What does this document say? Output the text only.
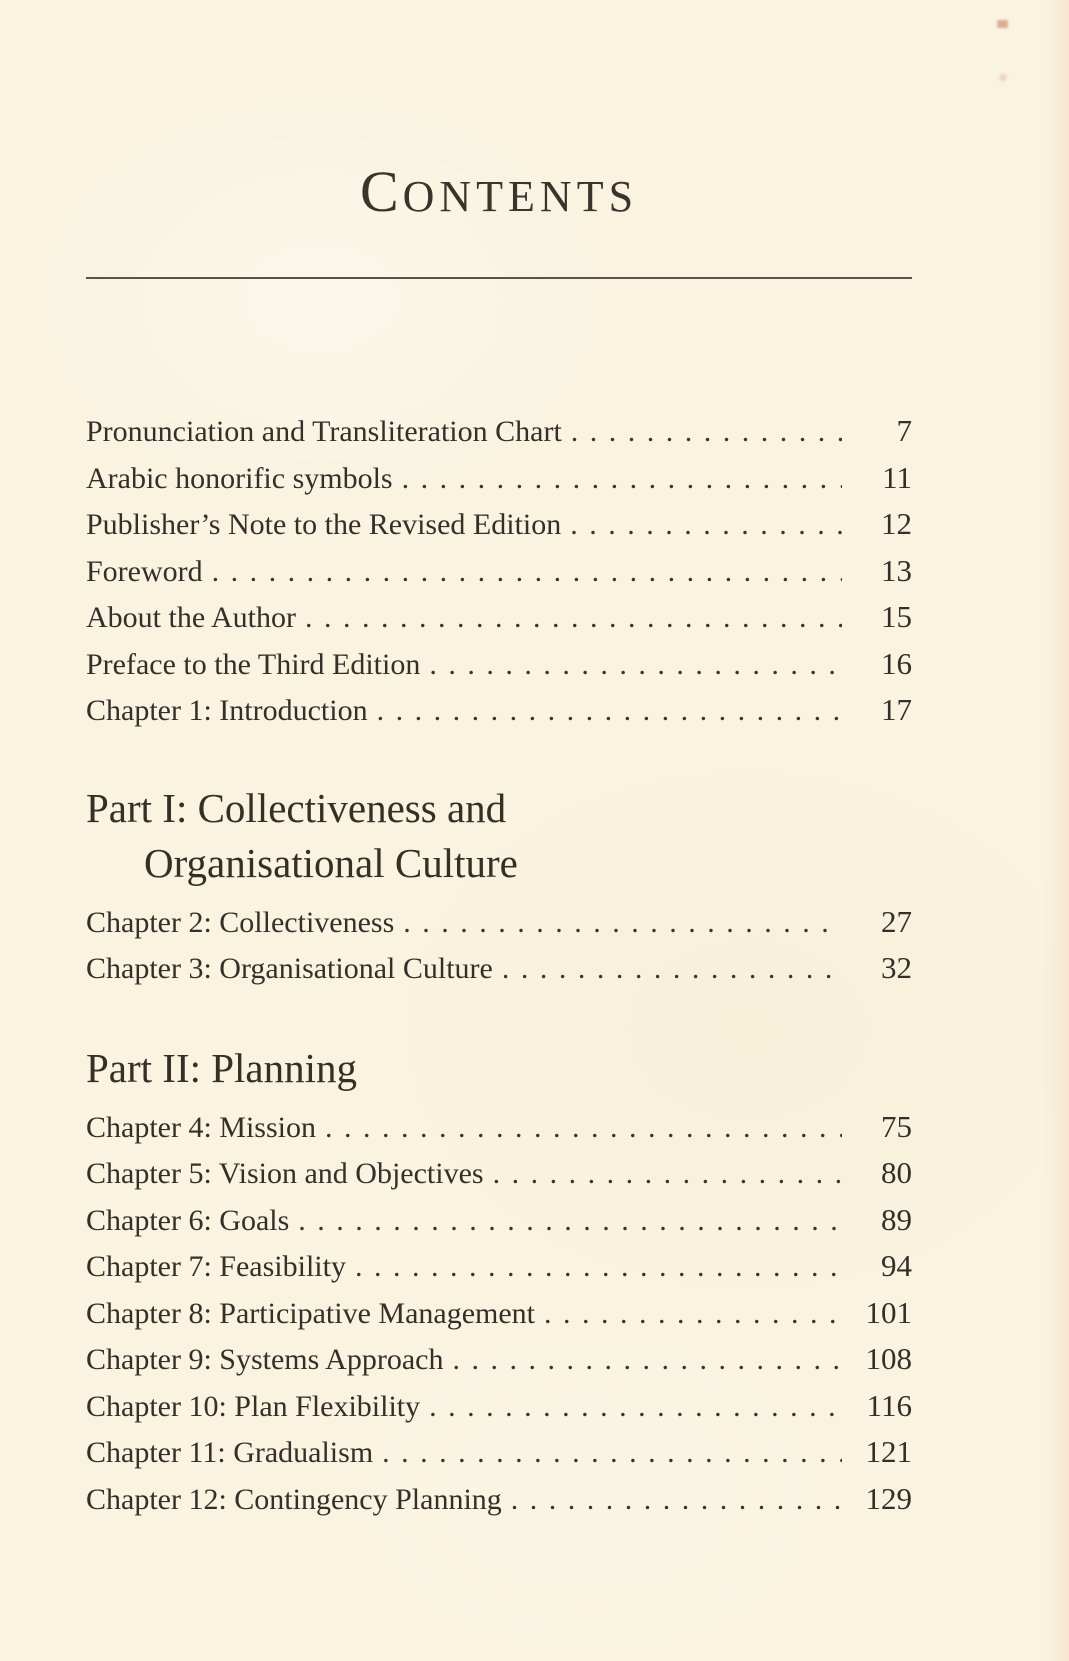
CONTENTS
Pronunciation and Transliteration Chart . . .	7
Arabic honorific symbols . . .	11
Publisher’s Note to the Revised Edition . . .	12
Foreword . . .	13
About the Author . . .	15
Preface to the Third Edition . . .	16
Chapter 1: Introduction . . .	17
Part I: Collectiveness and
Organisational Culture
Chapter 2: Collectiveness . . .	27
Chapter 3: Organisational Culture . . .	32
Part II: Planning
Chapter 4: Mission . . .	75
Chapter 5: Vision and Objectives . . .	80
Chapter 6: Goals . . .	89
Chapter 7: Feasibility . . .	94
Chapter 8: Participative Management . . .	101
Chapter 9: Systems Approach . . .	108
Chapter 10: Plan Flexibility . . .	116
Chapter 11: Gradualism . . .	121
Chapter 12: Contingency Planning . . .	129
